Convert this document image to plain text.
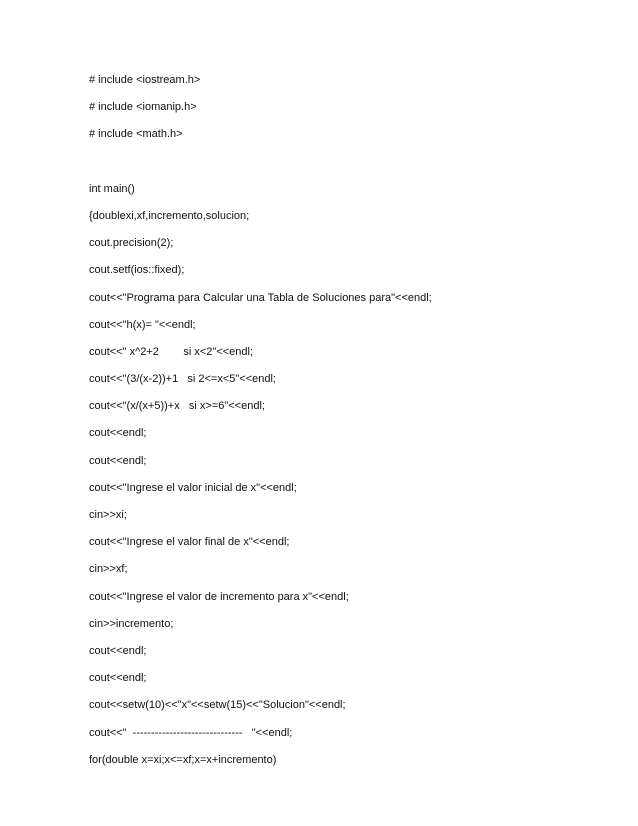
# include <iostream.h>
# include <iomanip.h>
# include <math.h>
int main()
{doublexi,xf,incremento,solucion;
cout.precision(2);
cout.setf(ios::fixed);
cout<<"Programa para Calcular una Tabla de Soluciones para"<<endl;
cout<<"h(x)= "<<endl;
cout<<" x^2+2        si x<2"<<endl;
cout<<"(3/(x-2))+1   si 2<=x<5"<<endl;
cout<<"(x/(x+5))+x   si x>=6"<<endl;
cout<<endl;
cout<<endl;
cout<<"Ingrese el valor inicial de x"<<endl;
cin>>xi;
cout<<"Ingrese el valor final de x"<<endl;
cin>>xf;
cout<<"Ingrese el valor de incremento para x"<<endl;
cin>>incremento;
cout<<endl;
cout<<endl;
cout<<setw(10)<<"x"<<setw(15)<<"Solucion"<<endl;
cout<<"  ------------------------------   "<<endl;
for(double x=xi;x<=xf;x=x+incremento)
